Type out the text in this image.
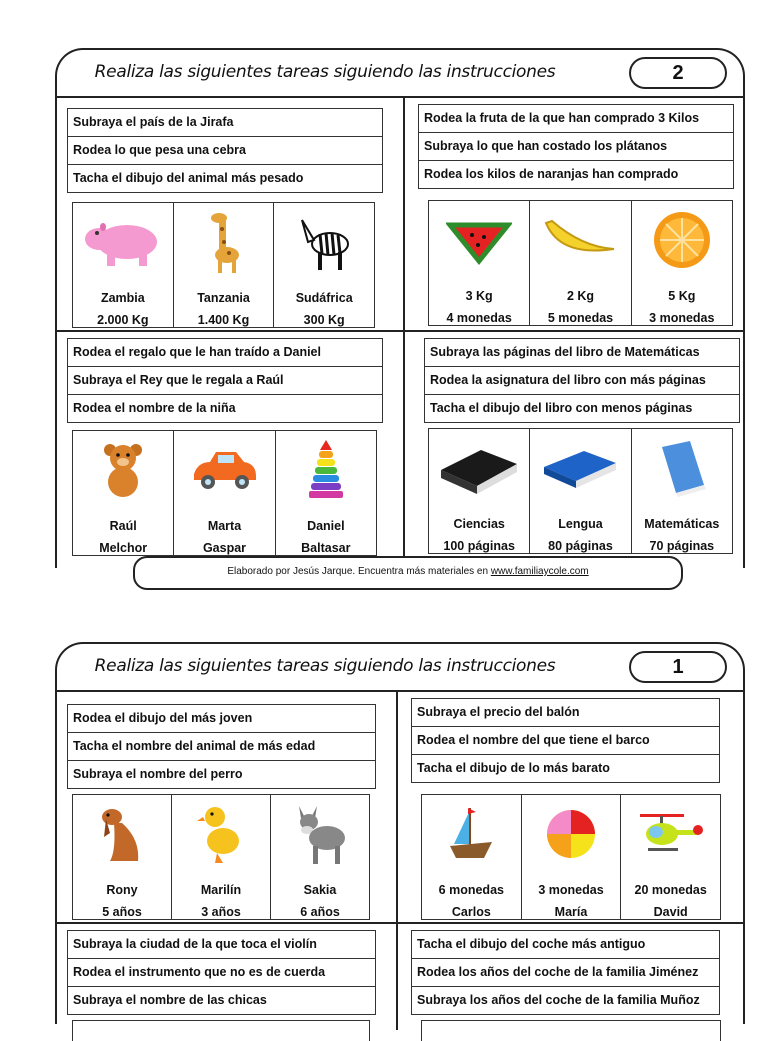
Realiza las siguientes tareas siguiendo las instrucciones	2
Subraya el país de la Jirafa
Rodea lo que pesa una cebra
Tacha el dibujo del animal más pesado
Zambia
2.000 Kg
Tanzania
1.400 Kg
Sudáfrica
300 Kg
Rodea la fruta de la que han comprado 3 Kilos
Subraya lo que han costado los plátanos
Rodea los kilos de naranjas han comprado
3 Kg
4 monedas
2 Kg
5 monedas
5 Kg
3 monedas
Rodea el regalo que le han traído a Daniel
Subraya el Rey que le regala a Raúl
Rodea el nombre de la niña
Raúl
Melchor
Marta
Gaspar
Daniel
Baltasar
Subraya las páginas del libro de Matemáticas
Rodea la asignatura del libro con más páginas
Tacha el dibujo del libro con menos páginas
Ciencias
100 páginas
Lengua
80 páginas
Matemáticas
70 páginas
Elaborado por Jesús Jarque. Encuentra más materiales en www.familiaycole.com
Realiza las siguientes tareas siguiendo las instrucciones	1
Rodea el dibujo del más joven
Tacha el nombre del animal de más edad
Subraya el nombre del perro
Rony
5 años
Marilín
3 años
Sakia
6 años
Subraya el precio del balón
Rodea el nombre del que tiene el barco
Tacha el dibujo de lo más barato
6 monedas
Carlos
3 monedas
María
20 monedas
David
Subraya la ciudad de la que toca el violín
Rodea el instrumento que no es de cuerda
Subraya el nombre de las chicas
Tacha el dibujo del coche más antiguo
Rodea los años del coche de la familia Jiménez
Subraya los años del coche de la familia Muñoz
